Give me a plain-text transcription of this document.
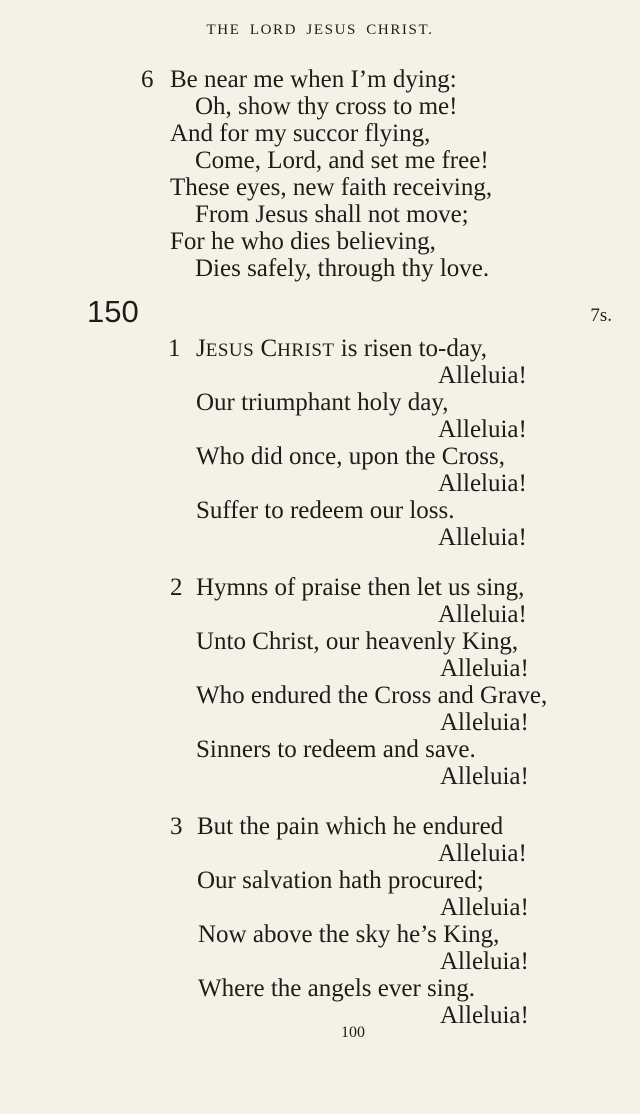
THE LORD JESUS CHRIST.
6 Be near me when I’m dying:
Oh, show thy cross to me!
And for my succor flying,
Come, Lord, and set me free!
These eyes, new faith receiving,
From Jesus shall not move;
For he who dies believing,
Dies safely, through thy love.
150	7s.
1 JESUS CHRIST is risen to-day,
Alleluia!
Our triumphant holy day,
Alleluia!
Who did once, upon the Cross,
Alleluia!
Suffer to redeem our loss.
Alleluia!
2 Hymns of praise then let us sing,
Alleluia!
Unto Christ, our heavenly King,
Alleluia!
Who endured the Cross and Grave,
Alleluia!
Sinners to redeem and save.
Alleluia!
3 But the pain which he endured
Alleluia!
Our salvation hath procured;
Alleluia!
Now above the sky he’s King,
Alleluia!
Where the angels ever sing.
Alleluia!
100
